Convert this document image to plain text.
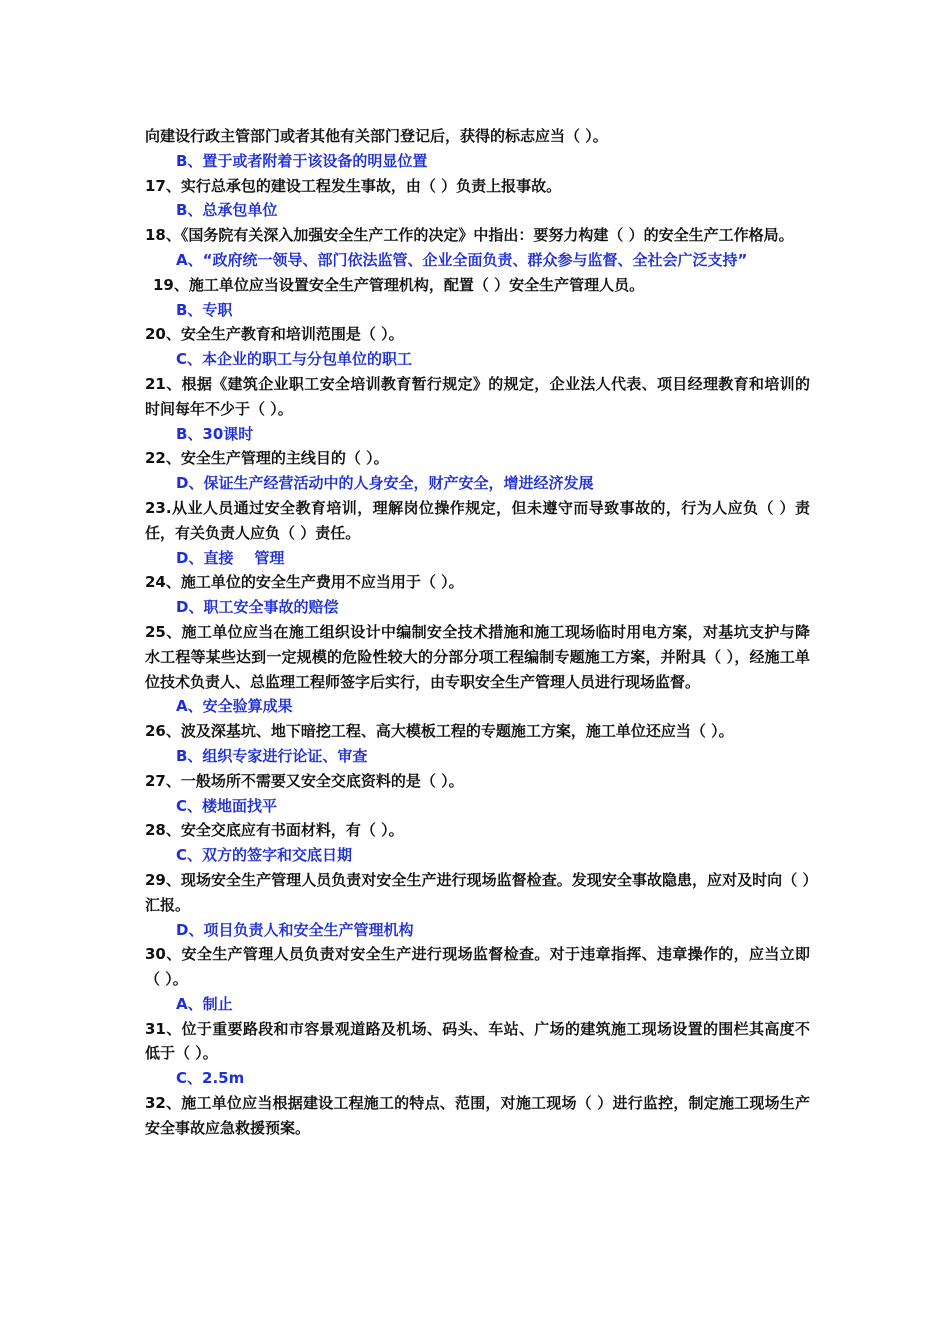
向建设行政主管部门或者其他有关部门登记后，获得的标志应当（ ）。

B、置于或者附着于该设备的明显位置

17、实行总承包的建设工程发生事故，由（ ）负责上报事故。

B、总承包单位

18、《国务院有关深入加强安全生产工作的决定》中指出：要努力构建（ ）的安全生产工作格局。

A、“政府统一领导、部门依法监管、企业全面负责、群众参与监督、全社会广泛支持”

19、施工单位应当设置安全生产管理机构，配置（ ）安全生产管理人员。

B、专职

20、安全生产教育和培训范围是（ ）。

C、本企业的职工与分包单位的职工

21、根据《建筑企业职工安全培训教育暂行规定》的规定，企业法人代表、项目经理教育和培训的时间每年不少于（ ）。

B、30课时

22、安全生产管理的主线目的（ ）。

D、保证生产经营活动中的人身安全，财产安全，增进经济发展

23.从业人员通过安全教育培训，理解岗位操作规定，但未遵守而导致事故的，行为人应负（ ）责任，有关负责人应负（ ）责任。

D、直接    管理

24、施工单位的安全生产费用不应当用于（ ）。

D、职工安全事故的赔偿

25、施工单位应当在施工组织设计中编制安全技术措施和施工现场临时用电方案，对基坑支护与降水工程等某些达到一定规模的危险性较大的分部分项工程编制专题施工方案，并附具（ ），经施工单位技术负责人、总监理工程师签字后实行，由专职安全生产管理人员进行现场监督。

A、安全验算成果

26、波及深基坑、地下暗挖工程、高大模板工程的专题施工方案，施工单位还应当（ ）。

B、组织专家进行论证、审查

27、一般场所不需要又安全交底资料的是（ ）。

C、楼地面找平

28、安全交底应有书面材料，有（ ）。

C、双方的签字和交底日期

29、现场安全生产管理人员负责对安全生产进行现场监督检查。发现安全事故隐患，应对及时向（ ）汇报。

D、项目负责人和安全生产管理机构

30、安全生产管理人员负责对安全生产进行现场监督检查。对于违章指挥、违章操作的，应当立即（ ）。

A、制止

31、位于重要路段和市容景观道路及机场、码头、车站、广场的建筑施工现场设置的围栏其高度不低于（ ）。

C、2.5m

32、施工单位应当根据建设工程施工的特点、范围，对施工现场（ ）进行监控，制定施工现场生产安全事故应急救援预案。
